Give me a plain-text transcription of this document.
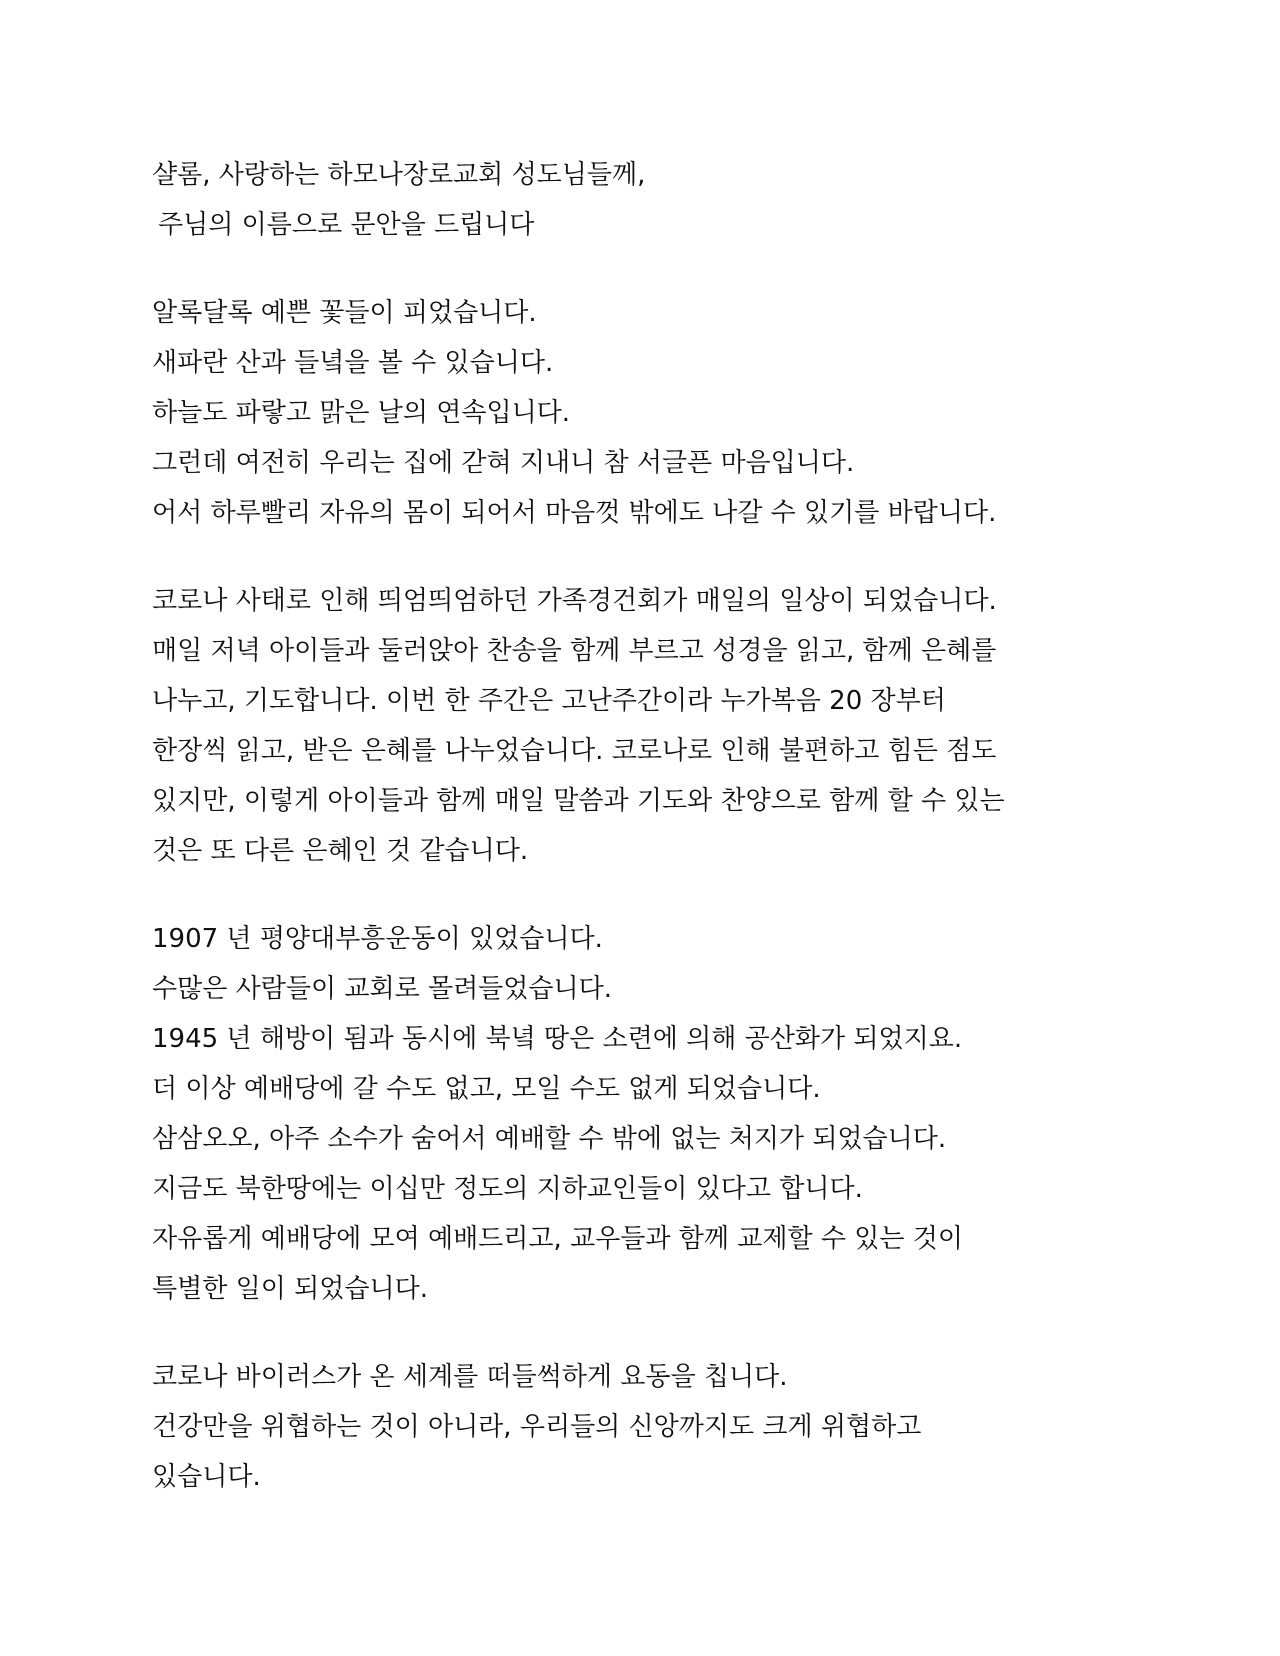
샬롬, 사랑하는 하모나장로교회 성도님들께,
주님의 이름으로 문안을 드립니다
알록달록 예쁜 꽃들이 피었습니다.
새파란 산과 들녘을 볼 수 있습니다.
하늘도 파랗고 맑은 날의 연속입니다.
그런데 여전히 우리는 집에 갇혀 지내니 참 서글픈 마음입니다.
어서 하루빨리 자유의 몸이 되어서 마음껏 밖에도 나갈 수 있기를 바랍니다.
코로나 사태로 인해 띄엄띄엄하던 가족경건회가 매일의 일상이 되었습니다.
매일 저녁 아이들과 둘러앉아 찬송을 함께 부르고 성경을 읽고, 함께 은혜를
나누고, 기도합니다. 이번 한 주간은 고난주간이라 누가복음 20 장부터
한장씩 읽고, 받은 은혜를 나누었습니다. 코로나로 인해 불편하고 힘든 점도
있지만, 이렇게 아이들과 함께 매일 말씀과 기도와 찬양으로 함께 할 수 있는
것은 또 다른 은혜인 것 같습니다.
1907 년 평양대부흥운동이 있었습니다.
수많은 사람들이 교회로 몰려들었습니다.
1945 년 해방이 됨과 동시에 북녘 땅은 소련에 의해 공산화가 되었지요.
더 이상 예배당에 갈 수도 없고, 모일 수도 없게 되었습니다.
삼삼오오, 아주 소수가 숨어서 예배할 수 밖에 없는 처지가 되었습니다.
지금도 북한땅에는 이십만 정도의 지하교인들이 있다고 합니다.
자유롭게 예배당에 모여 예배드리고, 교우들과 함께 교제할 수 있는 것이
특별한 일이 되었습니다.
코로나 바이러스가 온 세계를 떠들썩하게 요동을 칩니다.
건강만을 위협하는 것이 아니라, 우리들의 신앙까지도 크게 위협하고
있습니다.
